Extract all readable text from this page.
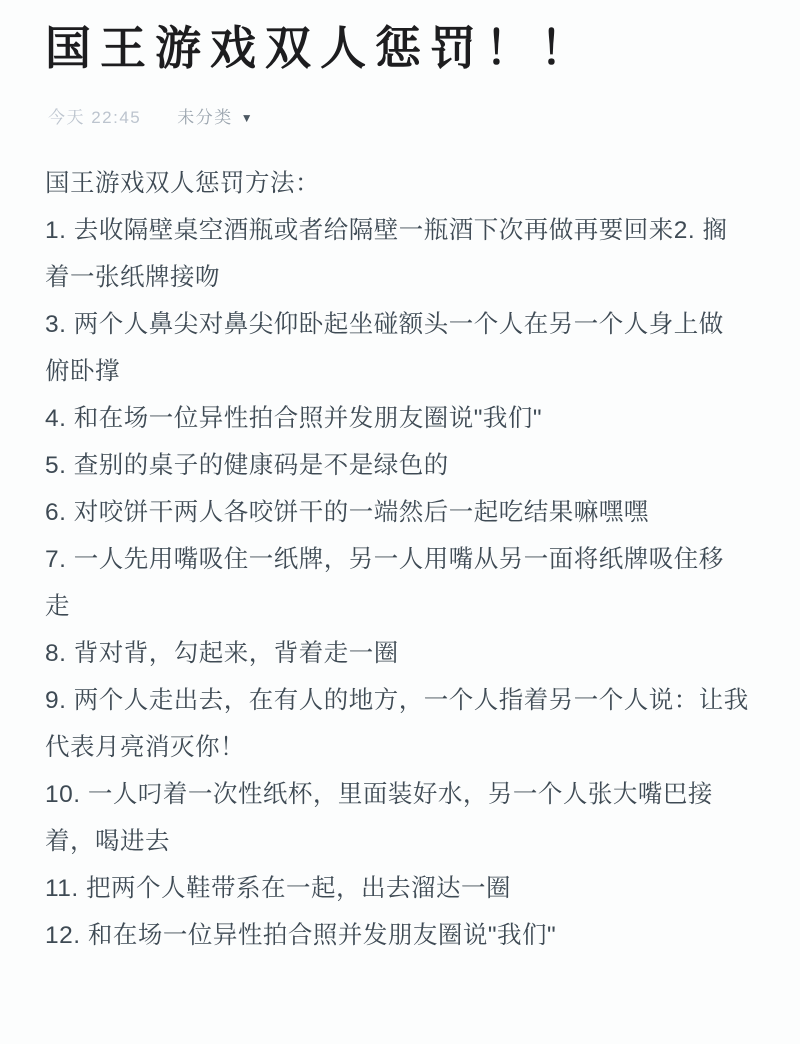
国王游戏双人惩罚！！
今天 22:45 未分类 ▼
国王游戏双人惩罚方法：
1. 去收隔壁桌空酒瓶或者给隔壁一瓶酒下次再做再要回来2. 搁
着一张纸牌接吻
3. 两个人鼻尖对鼻尖仰卧起坐碰额头一个人在另一个人身上做
俯卧撑
4. 和在场一位异性拍合照并发朋友圈说"我们"
5. 查别的桌子的健康码是不是绿色的
6. 对咬饼干两人各咬饼干的一端然后一起吃结果嘛嘿嘿
7. 一人先用嘴吸住一纸牌，另一人用嘴从另一面将纸牌吸住移
走
8. 背对背，勾起来，背着走一圈
9. 两个人走出去，在有人的地方，一个人指着另一个人说：让我
代表月亮消灭你！
10. 一人叼着一次性纸杯，里面装好水，另一个人张大嘴巴接
着，喝进去
11. 把两个人鞋带系在一起，出去溜达一圈
12. 和在场一位异性拍合照并发朋友圈说"我们"
